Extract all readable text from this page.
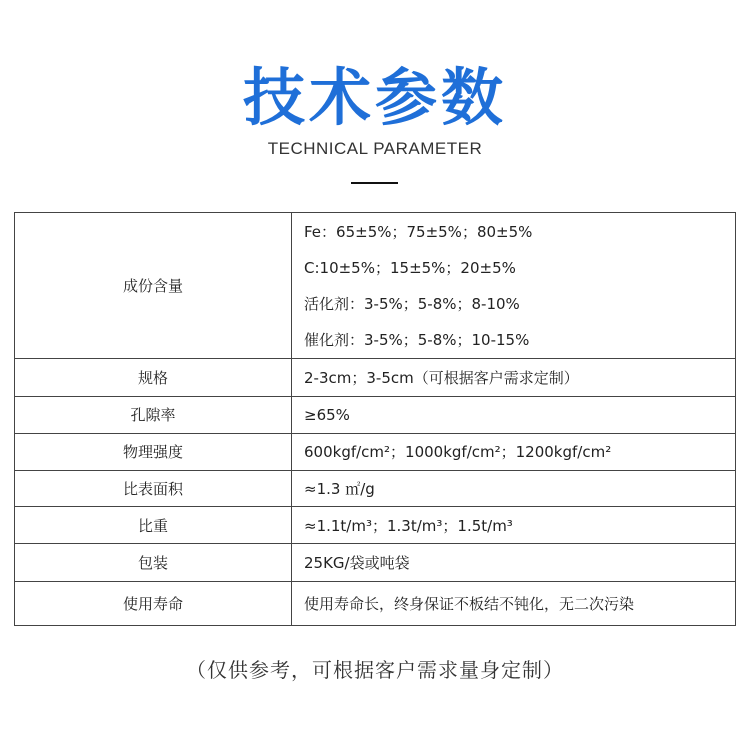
技术参数
TECHNICAL PARAMETER
成份含量	Fe：65±5%；75±5%；80±5%
C:10±5%；15±5%；20±5%
活化剂：3-5%；5-8%；8-10%
催化剂：3-5%；5-8%；10-15%

规格	2-3cm；3-5cm（可根据客户需求定制）
孔隙率	≥65%
物理强度	600kgf/cm²；1000kgf/cm²；1200kgf/cm²
比表面积	≈1.3 ㎡/g
比重	≈1.1t/m³；1.3t/m³；1.5t/m³
包装	25KG/袋或吨袋
使用寿命	使用寿命长，终身保证不板结不钝化，无二次污染
（仅供参考，可根据客户需求量身定制）
